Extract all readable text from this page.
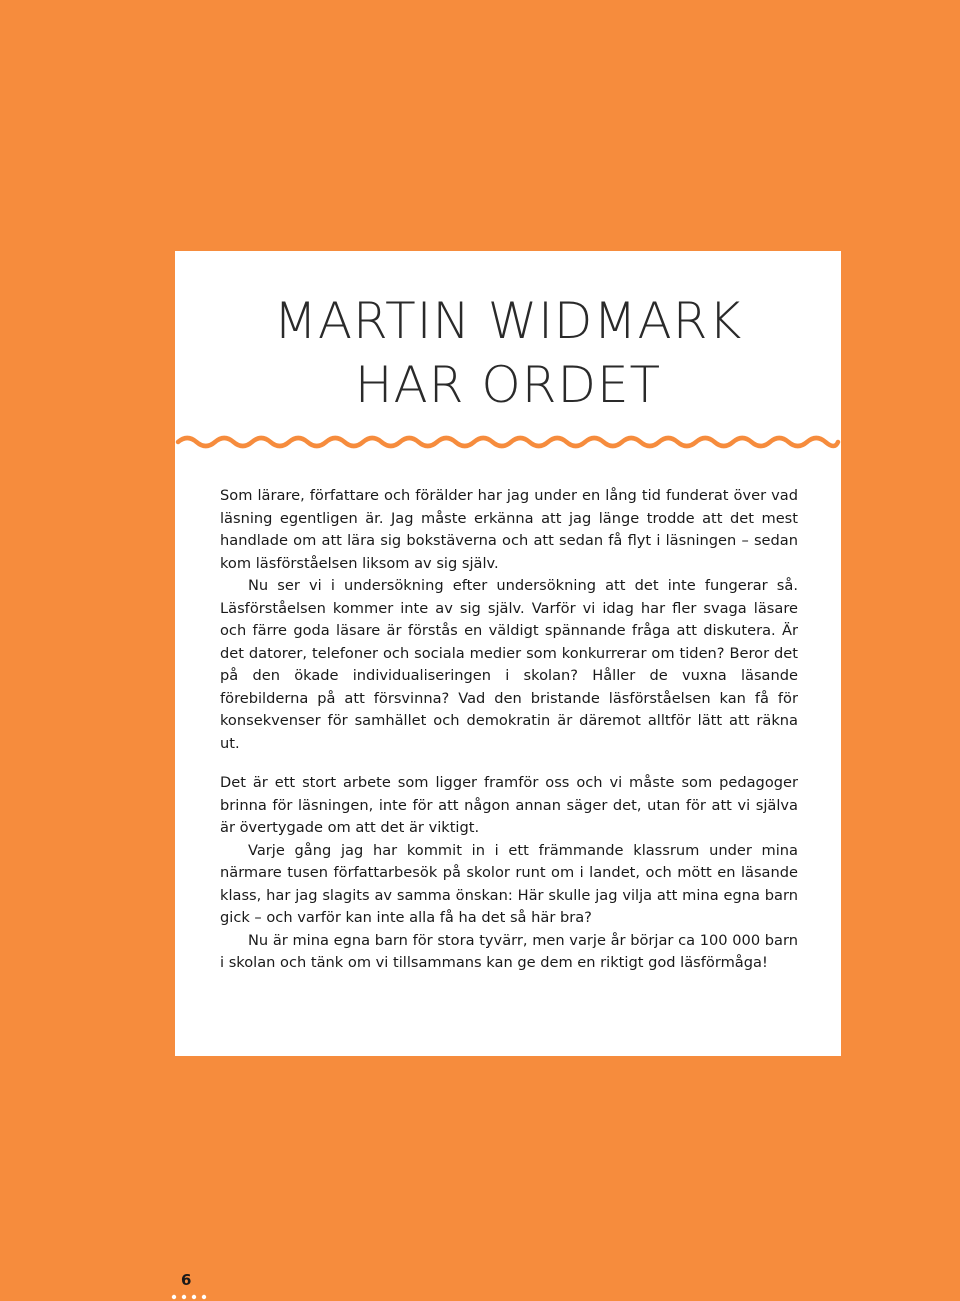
MARTIN WIDMARK
HAR ORDET

Som lärare, författare och förälder har jag under en lång tid funderat över vad läsning egentligen är. Jag måste erkänna att jag länge trodde att det mest handlade om att lära sig bokstäverna och att sedan få flyt i läsningen – sedan kom läsförståelsen liksom av sig själv.

Nu ser vi i undersökning efter undersökning att det inte fungerar så. Läsförståelsen kommer inte av sig själv. Varför vi idag har fler svaga läsare och färre goda läsare är förstås en väldigt spännande fråga att diskutera. Är det datorer, telefoner och sociala medier som konkurrerar om tiden? Beror det på den ökade individualiseringen i skolan? Håller de vuxna läsande förebilderna på att försvinna? Vad den bristande läsförståelsen kan få för konsekvenser för samhället och demokratin är däremot alltför lätt att räkna ut.

Det är ett stort arbete som ligger framför oss och vi måste som pedagoger brinna för läsningen, inte för att någon annan säger det, utan för att vi själva är övertygade om att det är viktigt.

Varje gång jag har kommit in i ett främmande klassrum under mina närmare tusen författarbesök på skolor runt om i landet, och mött en läsande klass, har jag slagits av samma önskan: Här skulle jag vilja att mina egna barn gick – och varför kan inte alla få ha det så här bra?

Nu är mina egna barn för stora tyvärr, men varje år börjar ca 100 000 barn i skolan och tänk om vi tillsammans kan ge dem en riktigt god läsförmåga!

6
